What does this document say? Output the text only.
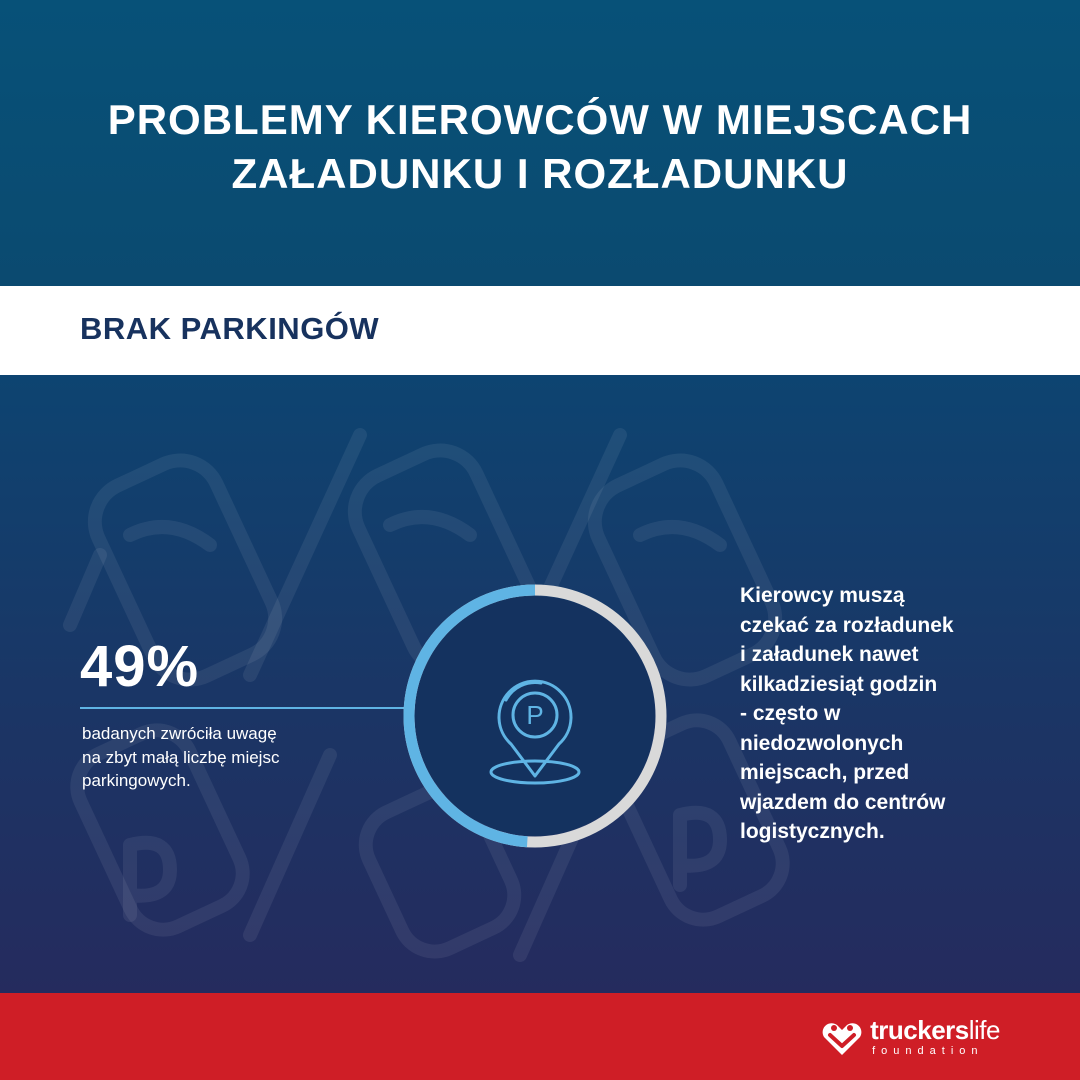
PROBLEMY KIEROWCÓW W MIEJSCACH
ZAŁADUNKU I ROZŁADUNKU
BRAK PARKINGÓW
49%
badanych zwróciła uwagę
na zbyt małą liczbę miejsc
parkingowych.
P
Kierowcy muszą
czekać za rozładunek
i załadunek nawet
kilkadziesiąt godzin
- często w
niedozwolonych
miejscach, przed
wjazdem do centrów
logistycznych.
truckerslife
foundation
